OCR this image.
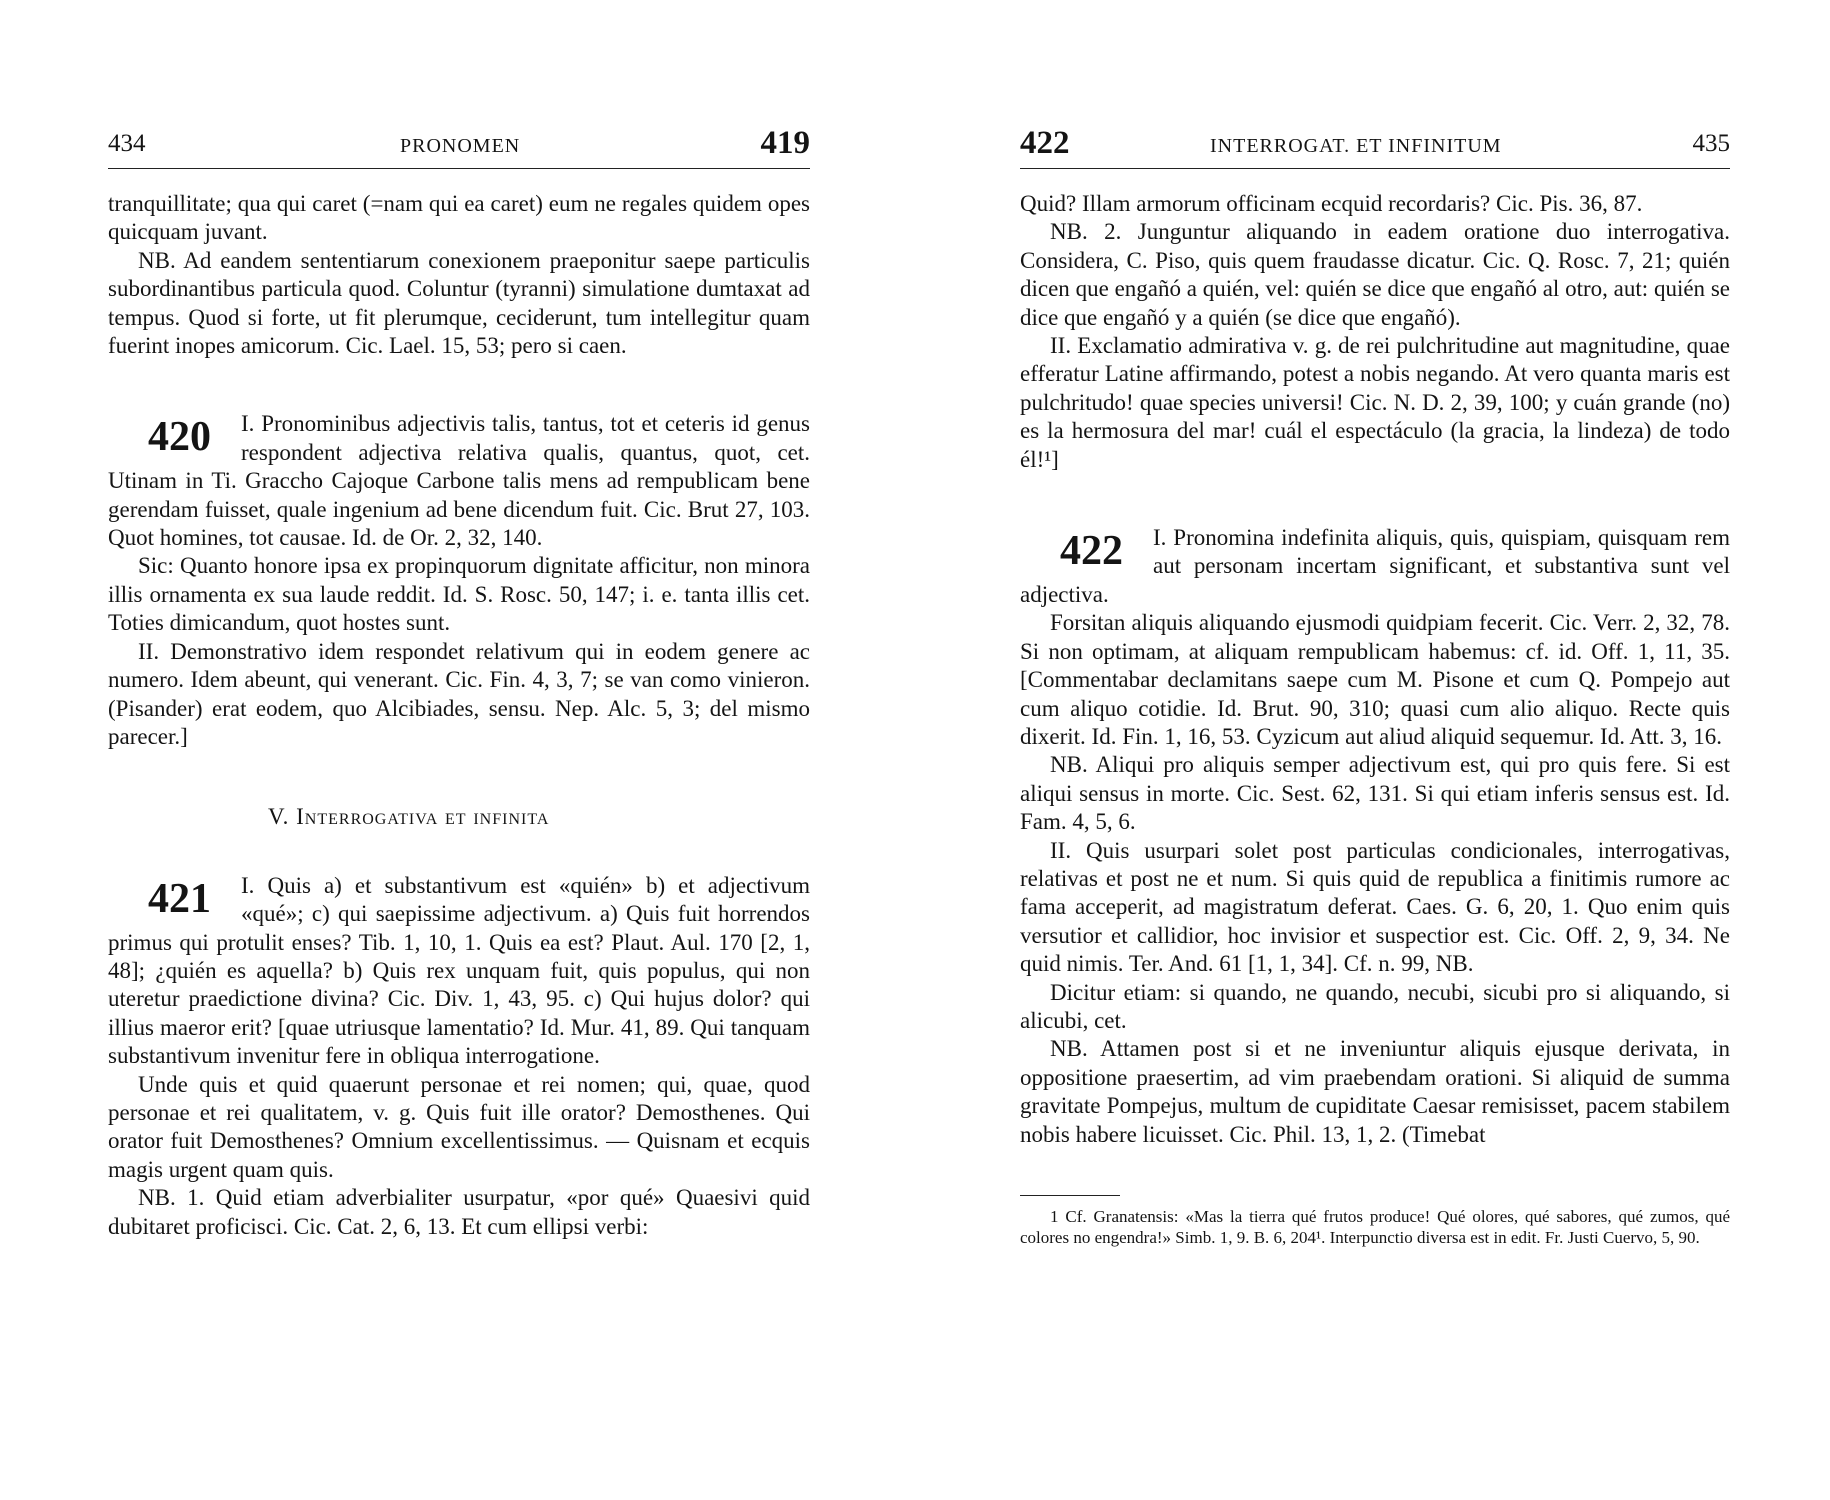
434	PRONOMEN	419

tranquillitate; qua qui caret (=nam qui ea caret) eum ne regales quidem opes quicquam juvant.

NB. Ad eandem sententiarum conexionem praeponitur saepe particulis subordinantibus particula quod. Coluntur (tyranni) simulatione dumtaxat ad tempus. Quod si forte, ut fit plerumque, ceciderunt, tum intellegitur quam fuerint inopes amicorum. Cic. Lael. 15, 53; pero si caen.

420	I. Pronominibus adjectivis talis, tantus, tot et ceteris id genus respondent adjectiva relativa qualis, quantus, quot, cet. Utinam in Ti. Graccho Cajoque Carbone talis mens ad rempublicam bene gerendam fuisset, quale ingenium ad bene dicendum fuit. Cic. Brut 27, 103. Quot homines, tot causae. Id. de Or. 2, 32, 140.

Sic: Quanto honore ipsa ex propinquorum dignitate afficitur, non minora illis ornamenta ex sua laude reddit. Id. S. Rosc. 50, 147; i. e. tanta illis cet. Toties dimicandum, quot hostes sunt.

II. Demonstrativo idem respondet relativum qui in eodem genere ac numero. Idem abeunt, qui venerant. Cic. Fin. 4, 3, 7; se van como vinieron. (Pisander) erat eodem, quo Alcibiades, sensu. Nep. Alc. 5, 3; del mismo parecer.]

V. Interrogativa et infinita

421	I. Quis a) et substantivum est «quién» b) et adjectivum «qué»; c) qui saepissime adjectivum. a) Quis fuit horrendos primus qui protulit enses? Tib. 1, 10, 1. Quis ea est? Plaut. Aul. 170 [2, 1, 48]; ¿quién es aquella? b) Quis rex unquam fuit, quis populus, qui non uteretur praedictione divina? Cic. Div. 1, 43, 95. c) Qui hujus dolor? qui illius maeror erit? [quae utriusque lamentatio? Id. Mur. 41, 89. Qui tanquam substantivum invenitur fere in obliqua interrogatione.

Unde quis et quid quaerunt personae et rei nomen; qui, quae, quod personae et rei qualitatem, v. g. Quis fuit ille orator? Demosthenes. Qui orator fuit Demosthenes? Omnium excellentissimus. — Quisnam et ecquis magis urgent quam quis.

NB. 1. Quid etiam adverbialiter usurpatur, «por qué» Quaesivi quid dubitaret proficisci. Cic. Cat. 2, 6, 13. Et cum ellipsi verbi:

422	INTERROGAT. ET INFINITUM	435

Quid? Illam armorum officinam ecquid recordaris? Cic. Pis. 36, 87.

NB. 2. Junguntur aliquando in eadem oratione duo interrogativa. Considera, C. Piso, quis quem fraudasse dicatur. Cic. Q. Rosc. 7, 21; quién dicen que engañó a quién, vel: quién se dice que engañó al otro, aut: quién se dice que engañó y a quién (se dice que engañó).

II. Exclamatio admirativa v. g. de rei pulchritudine aut magnitudine, quae efferatur Latine affirmando, potest a nobis negando. At vero quanta maris est pulchritudo! quae species universi! Cic. N. D. 2, 39, 100; y cuán grande (no) es la hermosura del mar! cuál el espectáculo (la gracia, la lindeza) de todo él!¹]

422	I. Pronomina indefinita aliquis, quis, quispiam, quisquam rem aut personam incertam significant, et substantiva sunt vel adjectiva.

Forsitan aliquis aliquando ejusmodi quidpiam fecerit. Cic. Verr. 2, 32, 78. Si non optimam, at aliquam rempublicam habemus: cf. id. Off. 1, 11, 35. [Commentabar declamitans saepe cum M. Pisone et cum Q. Pompejo aut cum aliquo cotidie. Id. Brut. 90, 310; quasi cum alio aliquo. Recte quis dixerit. Id. Fin. 1, 16, 53. Cyzicum aut aliud aliquid sequemur. Id. Att. 3, 16.

NB. Aliqui pro aliquis semper adjectivum est, qui pro quis fere. Si est aliqui sensus in morte. Cic. Sest. 62, 131. Si qui etiam inferis sensus est. Id. Fam. 4, 5, 6.

II. Quis usurpari solet post particulas condicionales, interrogativas, relativas et post ne et num. Si quis quid de republica a finitimis rumore ac fama acceperit, ad magistratum deferat. Caes. G. 6, 20, 1. Quo enim quis versutior et callidior, hoc invisior et suspectior est. Cic. Off. 2, 9, 34. Ne quid nimis. Ter. And. 61 [1, 1, 34]. Cf. n. 99, NB.

Dicitur etiam: si quando, ne quando, necubi, sicubi pro si aliquando, si alicubi, cet.

NB. Attamen post si et ne inveniuntur aliquis ejusque derivata, in oppositione praesertim, ad vim praebendam orationi. Si aliquid de summa gravitate Pompejus, multum de cupiditate Caesar remisisset, pacem stabilem nobis habere licuisset. Cic. Phil. 13, 1, 2. (Timebat

1 Cf. Granatensis: «Mas la tierra qué frutos produce! Qué olores, qué sabores, qué zumos, qué colores no engendra!» Simb. 1, 9. B. 6, 204¹. Interpunctio diversa est in edit. Fr. Justi Cuervo, 5, 90.
